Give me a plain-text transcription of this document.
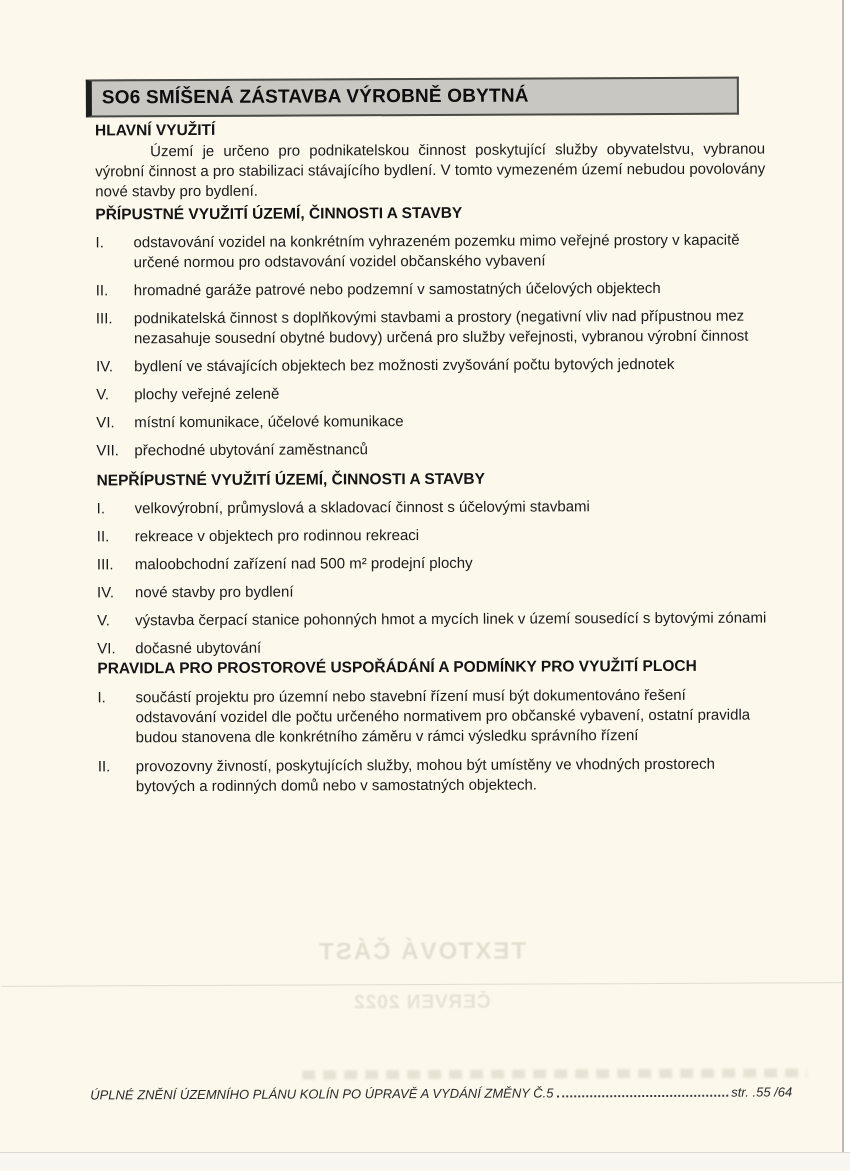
TEXTOVÁ ČÁST
ČERVEN 2022
SO6 SMÍŠENÁ ZÁSTAVBA VÝROBNĚ OBYTNÁ
HLAVNÍ VYUŽITÍ

Území je určeno pro podnikatelskou činnost poskytující služby obyvatelstvu, vybranou výrobní činnost a pro stabilizaci stávajícího bydlení. V tomto vymezeném území nebudou povolovány nové stavby pro bydlení.

PŘÍPUSTNÉ VYUŽITÍ ÚZEMÍ, ČINNOSTI A STAVBY
I.	odstavování vozidel na konkrétním vyhrazeném pozemku mimo veřejné prostory v kapacitě určené normou pro odstavování vozidel občanského vybavení
II.	hromadné garáže patrové nebo podzemní v samostatných účelových objektech
III.	podnikatelská činnost s doplňkovými stavbami a prostory (negativní vliv nad přípustnou mez nezasahuje sousední obytné budovy) určená pro služby veřejnosti, vybranou výrobní činnost
IV.	bydlení ve stávajících objektech bez možnosti zvyšování počtu bytových jednotek
V.	plochy veřejné zeleně
VI.	místní komunikace, účelové komunikace
VII.	přechodné ubytování zaměstnanců
NEPŘÍPUSTNÉ VYUŽITÍ ÚZEMÍ, ČINNOSTI A STAVBY
I.	velkovýrobní, průmyslová a skladovací činnost s účelovými stavbami
II.	rekreace v objektech pro rodinnou rekreaci
III.	maloobchodní zařízení nad 500 m² prodejní plochy
IV.	nové stavby pro bydlení
V.	výstavba čerpací stanice pohonných hmot a mycích linek v území sousedící s bytovými zónami
VI.	dočasné ubytování
PRAVIDLA PRO PROSTOROVÉ USPOŘÁDÁNÍ A PODMÍNKY PRO VYUŽITÍ PLOCH
I.	součástí projektu pro územní nebo stavební řízení musí být dokumentováno řešení odstavování vozidel dle počtu určeného normativem pro občanské vybavení, ostatní pravidla budou stanovena dle konkrétního záměru v rámci výsledku správního řízení
II.	provozovny živností, poskytujících služby, mohou být umístěny ve vhodných prostorech bytových a rodinných domů nebo v samostatných objektech.
ÚPLNÉ ZNĚNÍ ÚZEMNÍHO PLÁNU KOLÍN PO ÚPRAVĚ A VYDÁNÍ ZMĚNY Č.5	str. .55 /64
